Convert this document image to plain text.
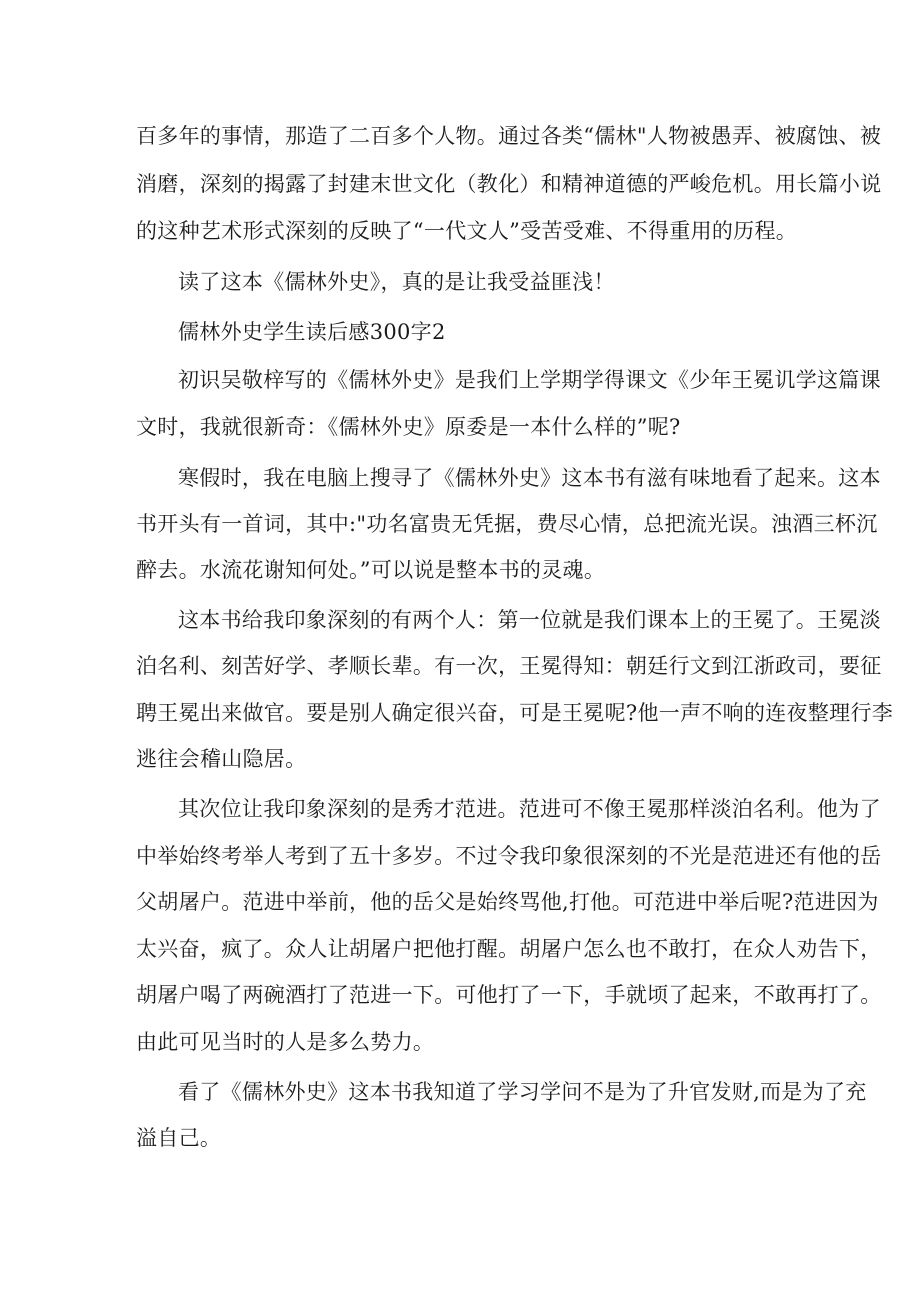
百多年的事情，那造了二百多个人物。通过各类“儒林"人物被愚弄、被腐蚀、被
消磨，深刻的揭露了封建末世文化（教化）和精神道德的严峻危机。用长篇小说
的这种艺术形式深刻的反映了“一代文人”受苦受难、不得重用的历程。
读了这本《儒林外史》，真的是让我受益匪浅！
儒林外史学生读后感300字2
初识吴敬梓写的《儒林外史》是我们上学期学得课文《少年王冕讥学这篇课
文时，我就很新奇：《儒林外史》原委是一本什么样的”呢?
寒假时，我在电脑上搜寻了《儒林外史》这本书有滋有味地看了起来。这本
书开头有一首词，其中:"功名富贵无凭据，费尽心情，总把流光误。浊酒三杯沉
醉去。水流花谢知何处。”可以说是整本书的灵魂。
这本书给我印象深刻的有两个人：第一位就是我们课本上的王冕了。王冕淡
泊名利、刻苦好学、孝顺长辈。有一次，王冕得知：朝廷行文到江浙政司，要征
聘王冕出来做官。要是别人确定很兴奋，可是王冕呢?他一声不响的连夜整理行李
逃往会稽山隐居。
其次位让我印象深刻的是秀才范进。范进可不像王冕那样淡泊名利。他为了
中举始终考举人考到了五十多岁。不过令我印象很深刻的不光是范进还有他的岳
父胡屠户。范进中举前，他的岳父是始终骂他,打他。可范进中举后呢?范进因为
太兴奋，疯了。众人让胡屠户把他打醒。胡屠户怎么也不敢打，在众人劝告下，
胡屠户喝了两碗酒打了范进一下。可他打了一下，手就顷了起来，不敢再打了。
由此可见当时的人是多么势力。
看了《儒林外史》这本书我知道了学习学问不是为了升官发财,而是为了充
溢自己。
